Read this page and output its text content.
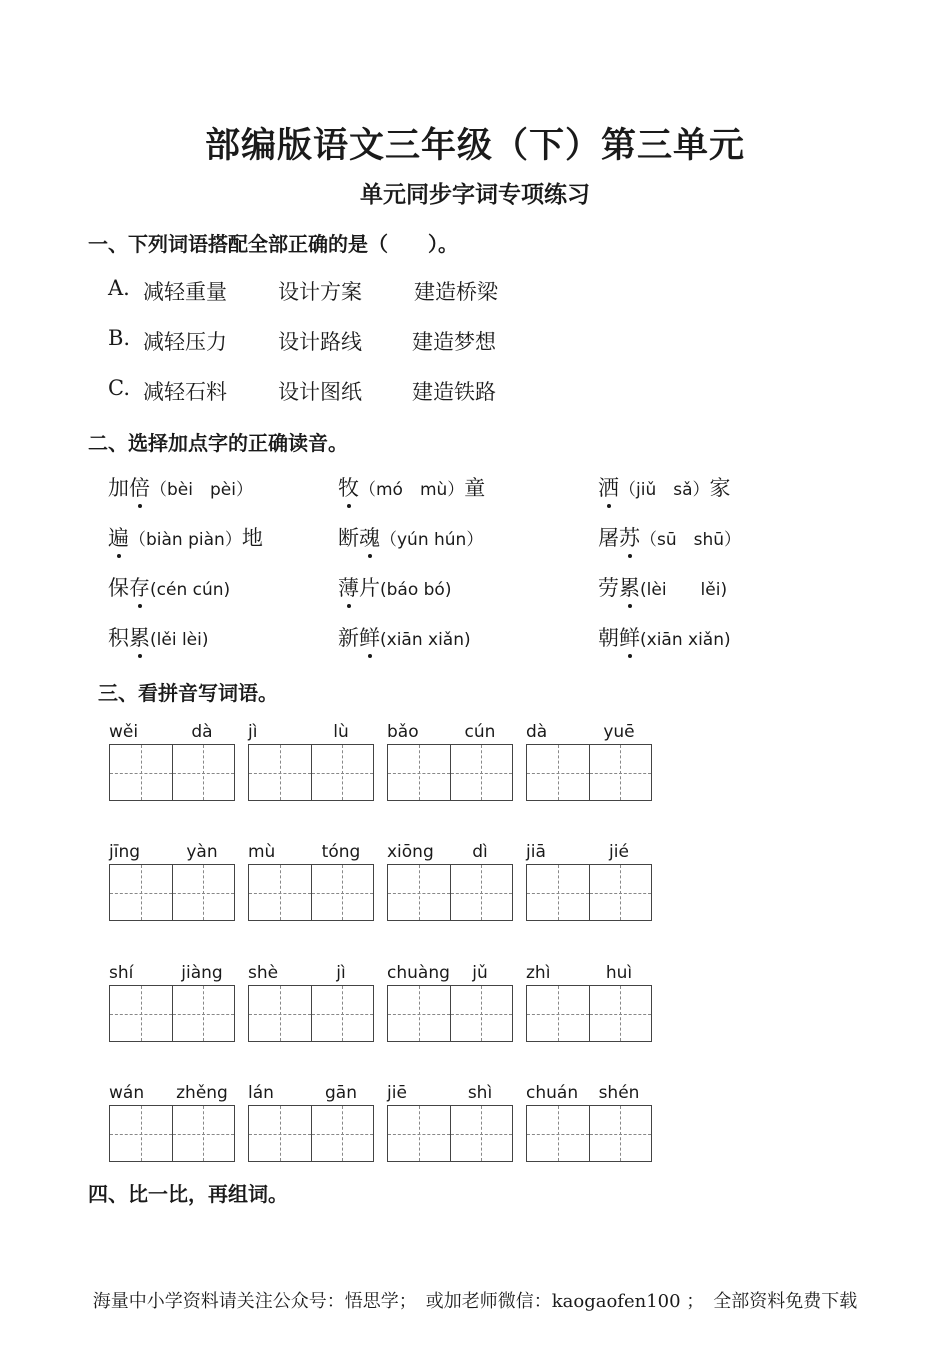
部编版语文三年级（下）第三单元
单元同步字词专项练习
一、下列词语搭配全部正确的是（　　）。
A. 减轻重量 设计方案 建造桥梁
B. 减轻压力 设计路线 建造梦想
C. 减轻石料 设计图纸 建造铁路
二、选择加点字的正确读音。
加倍（bèi　pèi）	牧（mó　mù）童	洒（jiǔ　sǎ）家
遍（biàn piàn）地	断魂（yún hún）	屠苏（sū　shū）
保存(cén cún)	薄片(báo bó)	劳累(lèi　　lěi)
积累(lěi lèi)	新鲜(xiān xiǎn)	朝鲜(xiān xiǎn)
三、看拼音写词语。
wěi	dà	jì	lù	bǎo	cún	dà	yuē
jīng	yàn	mù	tóng	xiōng	dì	jiā	jié
shí	jiàng	shè	jì	chuàng	jǔ	zhì	huì
wán	zhěng	lán	gān	jiē	shì	chuán	shén
四、比一比，再组词。
海量中小学资料请关注公众号：悟思学；　或加老师微信：kaogaofen100 ；　全部资料免费下载
